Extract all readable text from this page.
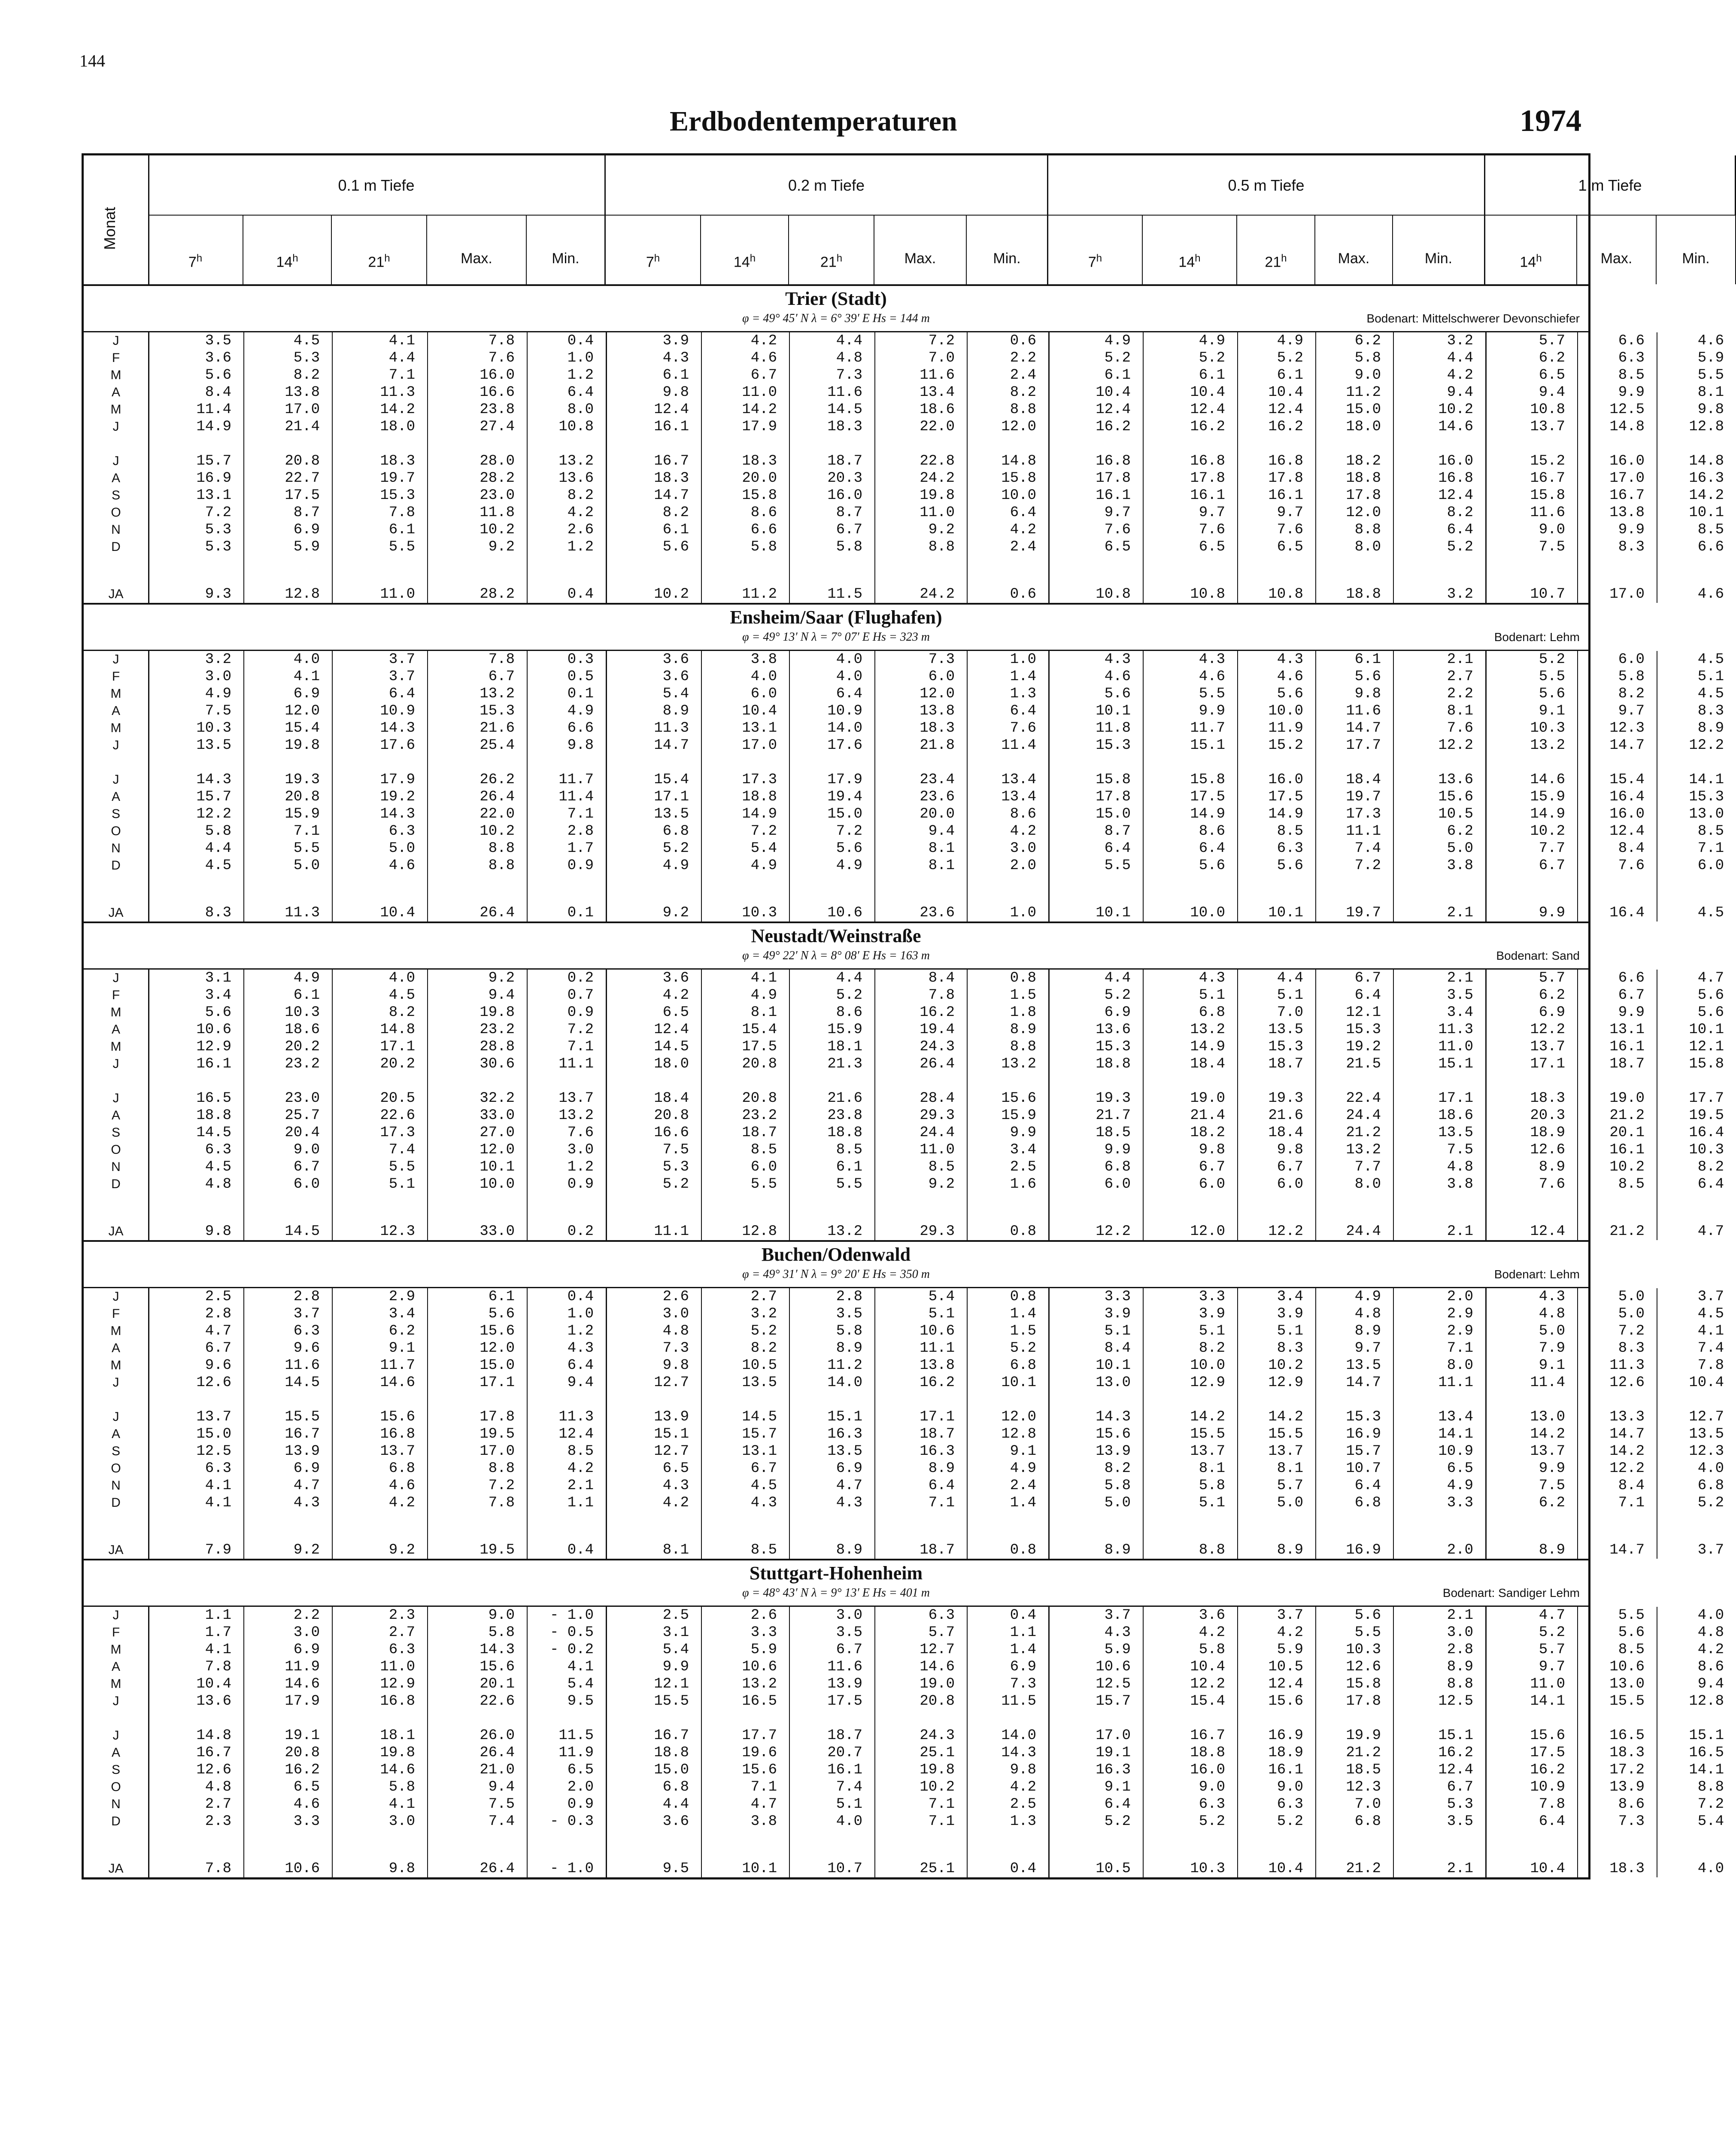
144
Erdbodentemperaturen	1974
Monat
0.1 m Tiefe	0.2 m Tiefe	0.5 m Tiefe	1 m Tiefe
7$^h$	14$^h$	21$^h$	Max.	Min.	7$^h$	14$^h$	21$^h$	Max.	Min.	7$^h$	14$^h$	21$^h$	Max.	Min.	14$^h$	Max.	Min.
Trier (Stadt)
φ = 49° 45′ N λ = 6° 39′ E Hs = 144 m	Bodenart: Mittelschwerer Devonschiefer
J	3.5	4.5	4.1	7.8	0.4	3.9	4.2	4.4	7.2	0.6	4.9	4.9	4.9	6.2	3.2	5.7	6.6	4.6
F	3.6	5.3	4.4	7.6	1.0	4.3	4.6	4.8	7.0	2.2	5.2	5.2	5.2	5.8	4.4	6.2	6.3	5.9
M	5.6	8.2	7.1	16.0	1.2	6.1	6.7	7.3	11.6	2.4	6.1	6.1	6.1	9.0	4.2	6.5	8.5	5.5
A	8.4	13.8	11.3	16.6	6.4	9.8	11.0	11.6	13.4	8.2	10.4	10.4	10.4	11.2	9.4	9.4	9.9	8.1
M	11.4	17.0	14.2	23.8	8.0	12.4	14.2	14.5	18.6	8.8	12.4	12.4	12.4	15.0	10.2	10.8	12.5	9.8
J	14.9	21.4	18.0	27.4	10.8	16.1	17.9	18.3	22.0	12.0	16.2	16.2	16.2	18.0	14.6	13.7	14.8	12.8
J	15.7	20.8	18.3	28.0	13.2	16.7	18.3	18.7	22.8	14.8	16.8	16.8	16.8	18.2	16.0	15.2	16.0	14.8
A	16.9	22.7	19.7	28.2	13.6	18.3	20.0	20.3	24.2	15.8	17.8	17.8	17.8	18.8	16.8	16.7	17.0	16.3
S	13.1	17.5	15.3	23.0	8.2	14.7	15.8	16.0	19.8	10.0	16.1	16.1	16.1	17.8	12.4	15.8	16.7	14.2
O	7.2	8.7	7.8	11.8	4.2	8.2	8.6	8.7	11.0	6.4	9.7	9.7	9.7	12.0	8.2	11.6	13.8	10.1
N	5.3	6.9	6.1	10.2	2.6	6.1	6.6	6.7	9.2	4.2	7.6	7.6	7.6	8.8	6.4	9.0	9.9	8.5
D	5.3	5.9	5.5	9.2	1.2	5.6	5.8	5.8	8.8	2.4	6.5	6.5	6.5	8.0	5.2	7.5	8.3	6.6
JA	9.3	12.8	11.0	28.2	0.4	10.2	11.2	11.5	24.2	0.6	10.8	10.8	10.8	18.8	3.2	10.7	17.0	4.6
Ensheim/Saar (Flughafen)
φ = 49° 13′ N λ = 7° 07′ E Hs = 323 m	Bodenart: Lehm
J	3.2	4.0	3.7	7.8	0.3	3.6	3.8	4.0	7.3	1.0	4.3	4.3	4.3	6.1	2.1	5.2	6.0	4.5
F	3.0	4.1	3.7	6.7	0.5	3.6	4.0	4.0	6.0	1.4	4.6	4.6	4.6	5.6	2.7	5.5	5.8	5.1
M	4.9	6.9	6.4	13.2	0.1	5.4	6.0	6.4	12.0	1.3	5.6	5.5	5.6	9.8	2.2	5.6	8.2	4.5
A	7.5	12.0	10.9	15.3	4.9	8.9	10.4	10.9	13.8	6.4	10.1	9.9	10.0	11.6	8.1	9.1	9.7	8.3
M	10.3	15.4	14.3	21.6	6.6	11.3	13.1	14.0	18.3	7.6	11.8	11.7	11.9	14.7	7.6	10.3	12.3	8.9
J	13.5	19.8	17.6	25.4	9.8	14.7	17.0	17.6	21.8	11.4	15.3	15.1	15.2	17.7	12.2	13.2	14.7	12.2
J	14.3	19.3	17.9	26.2	11.7	15.4	17.3	17.9	23.4	13.4	15.8	15.8	16.0	18.4	13.6	14.6	15.4	14.1
A	15.7	20.8	19.2	26.4	11.4	17.1	18.8	19.4	23.6	13.4	17.8	17.5	17.5	19.7	15.6	15.9	16.4	15.3
S	12.2	15.9	14.3	22.0	7.1	13.5	14.9	15.0	20.0	8.6	15.0	14.9	14.9	17.3	10.5	14.9	16.0	13.0
O	5.8	7.1	6.3	10.2	2.8	6.8	7.2	7.2	9.4	4.2	8.7	8.6	8.5	11.1	6.2	10.2	12.4	8.5
N	4.4	5.5	5.0	8.8	1.7	5.2	5.4	5.6	8.1	3.0	6.4	6.4	6.3	7.4	5.0	7.7	8.4	7.1
D	4.5	5.0	4.6	8.8	0.9	4.9	4.9	4.9	8.1	2.0	5.5	5.6	5.6	7.2	3.8	6.7	7.6	6.0
JA	8.3	11.3	10.4	26.4	0.1	9.2	10.3	10.6	23.6	1.0	10.1	10.0	10.1	19.7	2.1	9.9	16.4	4.5
Neustadt/Weinstraße
φ = 49° 22′ N λ = 8° 08′ E Hs = 163 m	Bodenart: Sand
J	3.1	4.9	4.0	9.2	0.2	3.6	4.1	4.4	8.4	0.8	4.4	4.3	4.4	6.7	2.1	5.7	6.6	4.7
F	3.4	6.1	4.5	9.4	0.7	4.2	4.9	5.2	7.8	1.5	5.2	5.1	5.1	6.4	3.5	6.2	6.7	5.6
M	5.6	10.3	8.2	19.8	0.9	6.5	8.1	8.6	16.2	1.8	6.9	6.8	7.0	12.1	3.4	6.9	9.9	5.6
A	10.6	18.6	14.8	23.2	7.2	12.4	15.4	15.9	19.4	8.9	13.6	13.2	13.5	15.3	11.3	12.2	13.1	10.1
M	12.9	20.2	17.1	28.8	7.1	14.5	17.5	18.1	24.3	8.8	15.3	14.9	15.3	19.2	11.0	13.7	16.1	12.1
J	16.1	23.2	20.2	30.6	11.1	18.0	20.8	21.3	26.4	13.2	18.8	18.4	18.7	21.5	15.1	17.1	18.7	15.8
J	16.5	23.0	20.5	32.2	13.7	18.4	20.8	21.6	28.4	15.6	19.3	19.0	19.3	22.4	17.1	18.3	19.0	17.7
A	18.8	25.7	22.6	33.0	13.2	20.8	23.2	23.8	29.3	15.9	21.7	21.4	21.6	24.4	18.6	20.3	21.2	19.5
S	14.5	20.4	17.3	27.0	7.6	16.6	18.7	18.8	24.4	9.9	18.5	18.2	18.4	21.2	13.5	18.9	20.1	16.4
O	6.3	9.0	7.4	12.0	3.0	7.5	8.5	8.5	11.0	3.4	9.9	9.8	9.8	13.2	7.5	12.6	16.1	10.3
N	4.5	6.7	5.5	10.1	1.2	5.3	6.0	6.1	8.5	2.5	6.8	6.7	6.7	7.7	4.8	8.9	10.2	8.2
D	4.8	6.0	5.1	10.0	0.9	5.2	5.5	5.5	9.2	1.6	6.0	6.0	6.0	8.0	3.8	7.6	8.5	6.4
JA	9.8	14.5	12.3	33.0	0.2	11.1	12.8	13.2	29.3	0.8	12.2	12.0	12.2	24.4	2.1	12.4	21.2	4.7
Buchen/Odenwald
φ = 49° 31′ N λ = 9° 20′ E Hs = 350 m	Bodenart: Lehm
J	2.5	2.8	2.9	6.1	0.4	2.6	2.7	2.8	5.4	0.8	3.3	3.3	3.4	4.9	2.0	4.3	5.0	3.7
F	2.8	3.7	3.4	5.6	1.0	3.0	3.2	3.5	5.1	1.4	3.9	3.9	3.9	4.8	2.9	4.8	5.0	4.5
M	4.7	6.3	6.2	15.6	1.2	4.8	5.2	5.8	10.6	1.5	5.1	5.1	5.1	8.9	2.9	5.0	7.2	4.1
A	6.7	9.6	9.1	12.0	4.3	7.3	8.2	8.9	11.1	5.2	8.4	8.2	8.3	9.7	7.1	7.9	8.3	7.4
M	9.6	11.6	11.7	15.0	6.4	9.8	10.5	11.2	13.8	6.8	10.1	10.0	10.2	13.5	8.0	9.1	11.3	7.8
J	12.6	14.5	14.6	17.1	9.4	12.7	13.5	14.0	16.2	10.1	13.0	12.9	12.9	14.7	11.1	11.4	12.6	10.4
J	13.7	15.5	15.6	17.8	11.3	13.9	14.5	15.1	17.1	12.0	14.3	14.2	14.2	15.3	13.4	13.0	13.3	12.7
A	15.0	16.7	16.8	19.5	12.4	15.1	15.7	16.3	18.7	12.8	15.6	15.5	15.5	16.9	14.1	14.2	14.7	13.5
S	12.5	13.9	13.7	17.0	8.5	12.7	13.1	13.5	16.3	9.1	13.9	13.7	13.7	15.7	10.9	13.7	14.2	12.3
O	6.3	6.9	6.8	8.8	4.2	6.5	6.7	6.9	8.9	4.9	8.2	8.1	8.1	10.7	6.5	9.9	12.2	4.0
N	4.1	4.7	4.6	7.2	2.1	4.3	4.5	4.7	6.4	2.4	5.8	5.8	5.7	6.4	4.9	7.5	8.4	6.8
D	4.1	4.3	4.2	7.8	1.1	4.2	4.3	4.3	7.1	1.4	5.0	5.1	5.0	6.8	3.3	6.2	7.1	5.2
JA	7.9	9.2	9.2	19.5	0.4	8.1	8.5	8.9	18.7	0.8	8.9	8.8	8.9	16.9	2.0	8.9	14.7	3.7
Stuttgart-Hohenheim
φ = 48° 43′ N λ = 9° 13′ E Hs = 401 m	Bodenart: Sandiger Lehm
J	1.1	2.2	2.3	9.0	- 1.0	2.5	2.6	3.0	6.3	0.4	3.7	3.6	3.7	5.6	2.1	4.7	5.5	4.0
F	1.7	3.0	2.7	5.8	- 0.5	3.1	3.3	3.5	5.7	1.1	4.3	4.2	4.2	5.5	3.0	5.2	5.6	4.8
M	4.1	6.9	6.3	14.3	- 0.2	5.4	5.9	6.7	12.7	1.4	5.9	5.8	5.9	10.3	2.8	5.7	8.5	4.2
A	7.8	11.9	11.0	15.6	4.1	9.9	10.6	11.6	14.6	6.9	10.6	10.4	10.5	12.6	8.9	9.7	10.6	8.6
M	10.4	14.6	12.9	20.1	5.4	12.1	13.2	13.9	19.0	7.3	12.5	12.2	12.4	15.8	8.8	11.0	13.0	9.4
J	13.6	17.9	16.8	22.6	9.5	15.5	16.5	17.5	20.8	11.5	15.7	15.4	15.6	17.8	12.5	14.1	15.5	12.8
J	14.8	19.1	18.1	26.0	11.5	16.7	17.7	18.7	24.3	14.0	17.0	16.7	16.9	19.9	15.1	15.6	16.5	15.1
A	16.7	20.8	19.8	26.4	11.9	18.8	19.6	20.7	25.1	14.3	19.1	18.8	18.9	21.2	16.2	17.5	18.3	16.5
S	12.6	16.2	14.6	21.0	6.5	15.0	15.6	16.1	19.8	9.8	16.3	16.0	16.1	18.5	12.4	16.2	17.2	14.1
O	4.8	6.5	5.8	9.4	2.0	6.8	7.1	7.4	10.2	4.2	9.1	9.0	9.0	12.3	6.7	10.9	13.9	8.8
N	2.7	4.6	4.1	7.5	0.9	4.4	4.7	5.1	7.1	2.5	6.4	6.3	6.3	7.0	5.3	7.8	8.6	7.2
D	2.3	3.3	3.0	7.4	- 0.3	3.6	3.8	4.0	7.1	1.3	5.2	5.2	5.2	6.8	3.5	6.4	7.3	5.4
JA	7.8	10.6	9.8	26.4	- 1.0	9.5	10.1	10.7	25.1	0.4	10.5	10.3	10.4	21.2	2.1	10.4	18.3	4.0
